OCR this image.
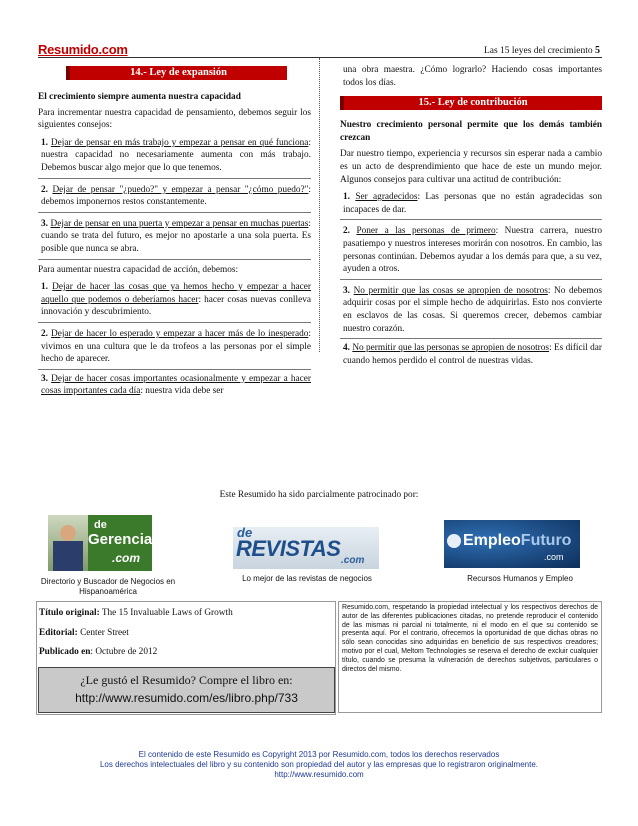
Resumido.com	Las 15 leyes del crecimiento 5
14.- Ley de expansión
El crecimiento siempre aumenta nuestra capacidad
Para incrementar nuestra capacidad de pensamiento, debemos seguir los siguientes consejos:
1. Dejar de pensar en más trabajo y empezar a pensar en qué funciona: nuestra capacidad no necesariamente aumenta con más trabajo. Debemos buscar algo mejor que lo que tenemos.
2. Dejar de pensar "¿puedo?" y empezar a pensar "¿cómo puedo?": debemos imponernos restos constantemente.
3. Dejar de pensar en una puerta y empezar a pensar en muchas puertas: cuando se trata del futuro, es mejor no apostarle a una sola puerta. Es posible que nunca se abra.
Para aumentar nuestra capacidad de acción, debemos:
1. Dejar de hacer las cosas que ya hemos hecho y empezar a hacer aquello que podemos o deberíamos hacer: hacer cosas nuevas conlleva innovación y descubrimiento.
2. Dejar de hacer lo esperado y empezar a hacer más de lo inesperado: vivimos en una cultura que le da trofeos a las personas por el simple hecho de aparecer.
3. Dejar de hacer cosas importantes ocasionalmente y empezar a hacer cosas importantes cada día: nuestra vida debe ser
una obra maestra. ¿Cómo lograrlo? Haciendo cosas importantes todos los días.
15.- Ley de contribución
Nuestro crecimiento personal permite que los demás también crezcan
Dar nuestro tiempo, experiencia y recursos sin esperar nada a cambio es un acto de desprendimiento que hace de este un mundo mejor. Algunos consejos para cultivar una actitud de contribución:
1. Ser agradecidos: Las personas que no están agradecidas son incapaces de dar.
2. Poner a las personas de primero: Nuestra carrera, nuestro pasatiempo y nuestros intereses morirán con nosotros. En cambio, las personas continúan. Debemos ayudar a los demás para que, a su vez, ayuden a otros.
3. No permitir que las cosas se apropien de nosotros: No debemos adquirir cosas por el simple hecho de adquirirlas. Esto nos convierte en esclavos de las cosas. Si queremos crecer, debemos cambiar nuestro corazón.
4. No permitir que las personas se apropien de nosotros: Es difícil dar cuando hemos perdido el control de nuestras vidas.
Este Resumido ha sido parcialmente patrocinado por:
de
Gerencia
.com
Directorio y Buscador de Negocios en Hispanoamérica
de
REVISTAS .com
Lo mejor de las revistas de negocios
EmpleoFuturo
.com
Recursos Humanos y Empleo
Título original: The 15 Invaluable Laws of Growth
Editorial: Center Street
Publicado en: Octubre de 2012
¿Le gustó el Resumido? Compre el libro en:
http://www.resumido.com/es/libro.php/733
Resumido.com, respetando la propiedad intelectual y los respectivos derechos de autor de las diferentes publicaciones citadas, no pretende reproducir el contenido de las mismas ni parcial ni totalmente, ni el modo en el que su contenido se presenta aquí. Por el contrario, ofrecemos la oportunidad de que dichas obras no sólo sean conocidas sino adquiridas en beneficio de sus respectivos creadores; motivo por el cual, Meltom Technologies se reserva el derecho de excluir cualquier título, cuando se presuma la vulneración de derechos subjetivos, particulares o directos del mismo.
El contenido de este Resumido es Copyright 2013 por Resumido.com, todos los derechos reservados
Los derechos intelectuales del libro y su contenido son propiedad del autor y las empresas que lo registraron originalmente.
http://www.resumido.com
